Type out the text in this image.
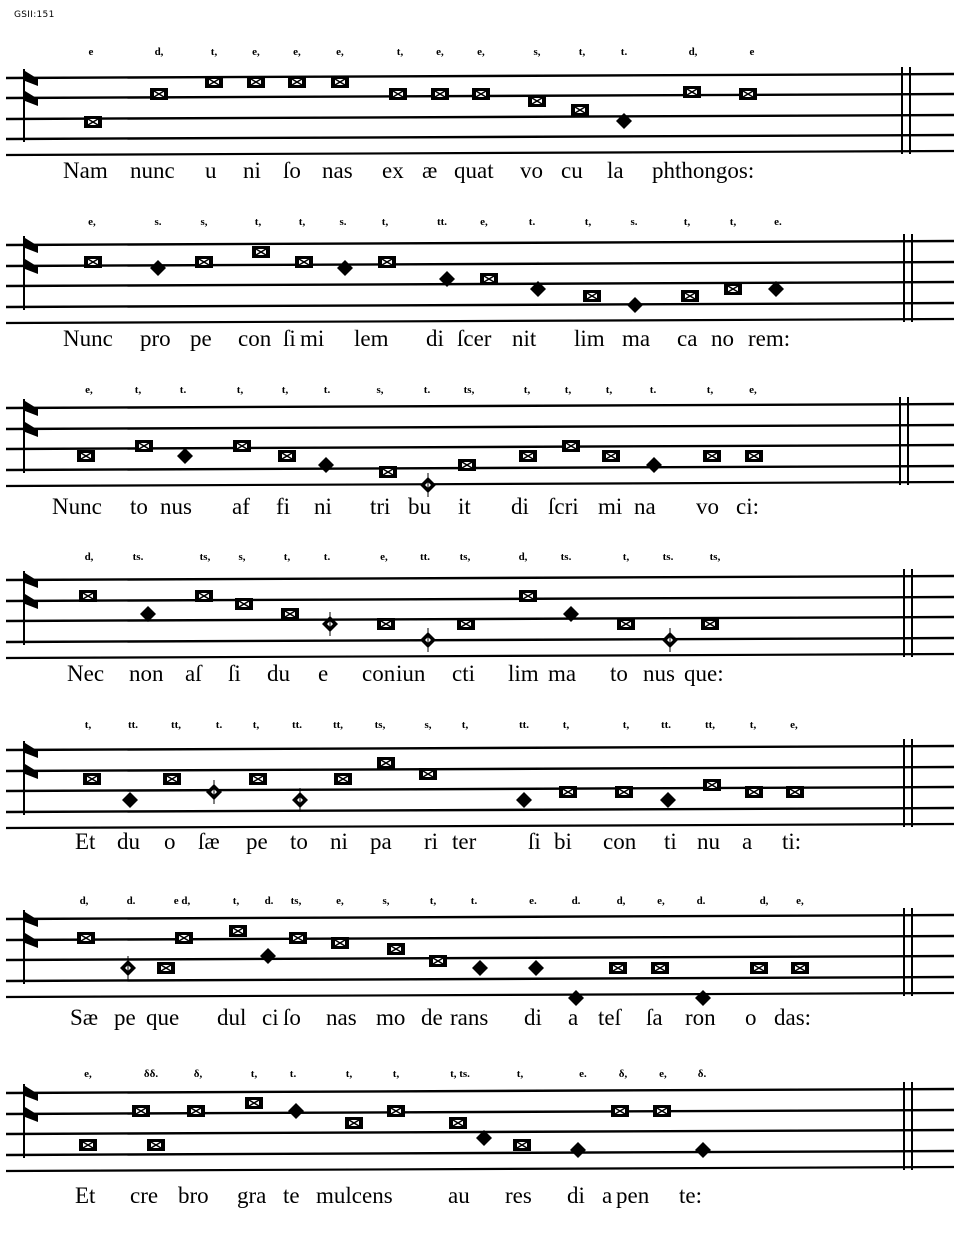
GSII:151
e	d,	t,	e,	e,	e,	t,	e,	e,	s,	t,	t.	d,	e
Nam nunc u ni ſo nas ex æ quat vo cu la phthongos:
e,	s.	s,	t,	t,	s.	t,	tt.	e,	t.	t,	s.	t,	t,	e.
Nunc pro pe con ſi mi lem di ſcer nit lim ma ca no rem:
e,	t,	t.	t,	t,	t.	s,	t.	ts,	t,	t,	t,	t.	t,	e,
Nunc to nus af fi ni tri bu it di ſcri mi na vo ci:
d,	ts.	ts,	s,	t,	t.	e,	tt.	ts,	d,	ts.	t,	ts.	ts,
Nec non aſ ſi du e con iun cti lim ma to nus que:
t,	tt.	tt,	t.	t,	tt.	tt,	ts,	s,	t,	tt.	t,	t,	tt.	tt,	t,	e,
Et du o ſæ pe to ni pa ri ter ſi bi con ti nu a ti:
d,	d.	e d,	t, d. ts,	e,	s,	t,	t.	e.	d.	d,	e,	d.	d,	e,
Sæ pe que dul ci ſo nas mo de rans di a teſ ſa ron o das:
e,	δδ.	δ,	t,	t.	t,	t,	t, ts.	t,	e.	δ,	e,	δ.
Et cre bro gra te mulcens au res di a pen te:
